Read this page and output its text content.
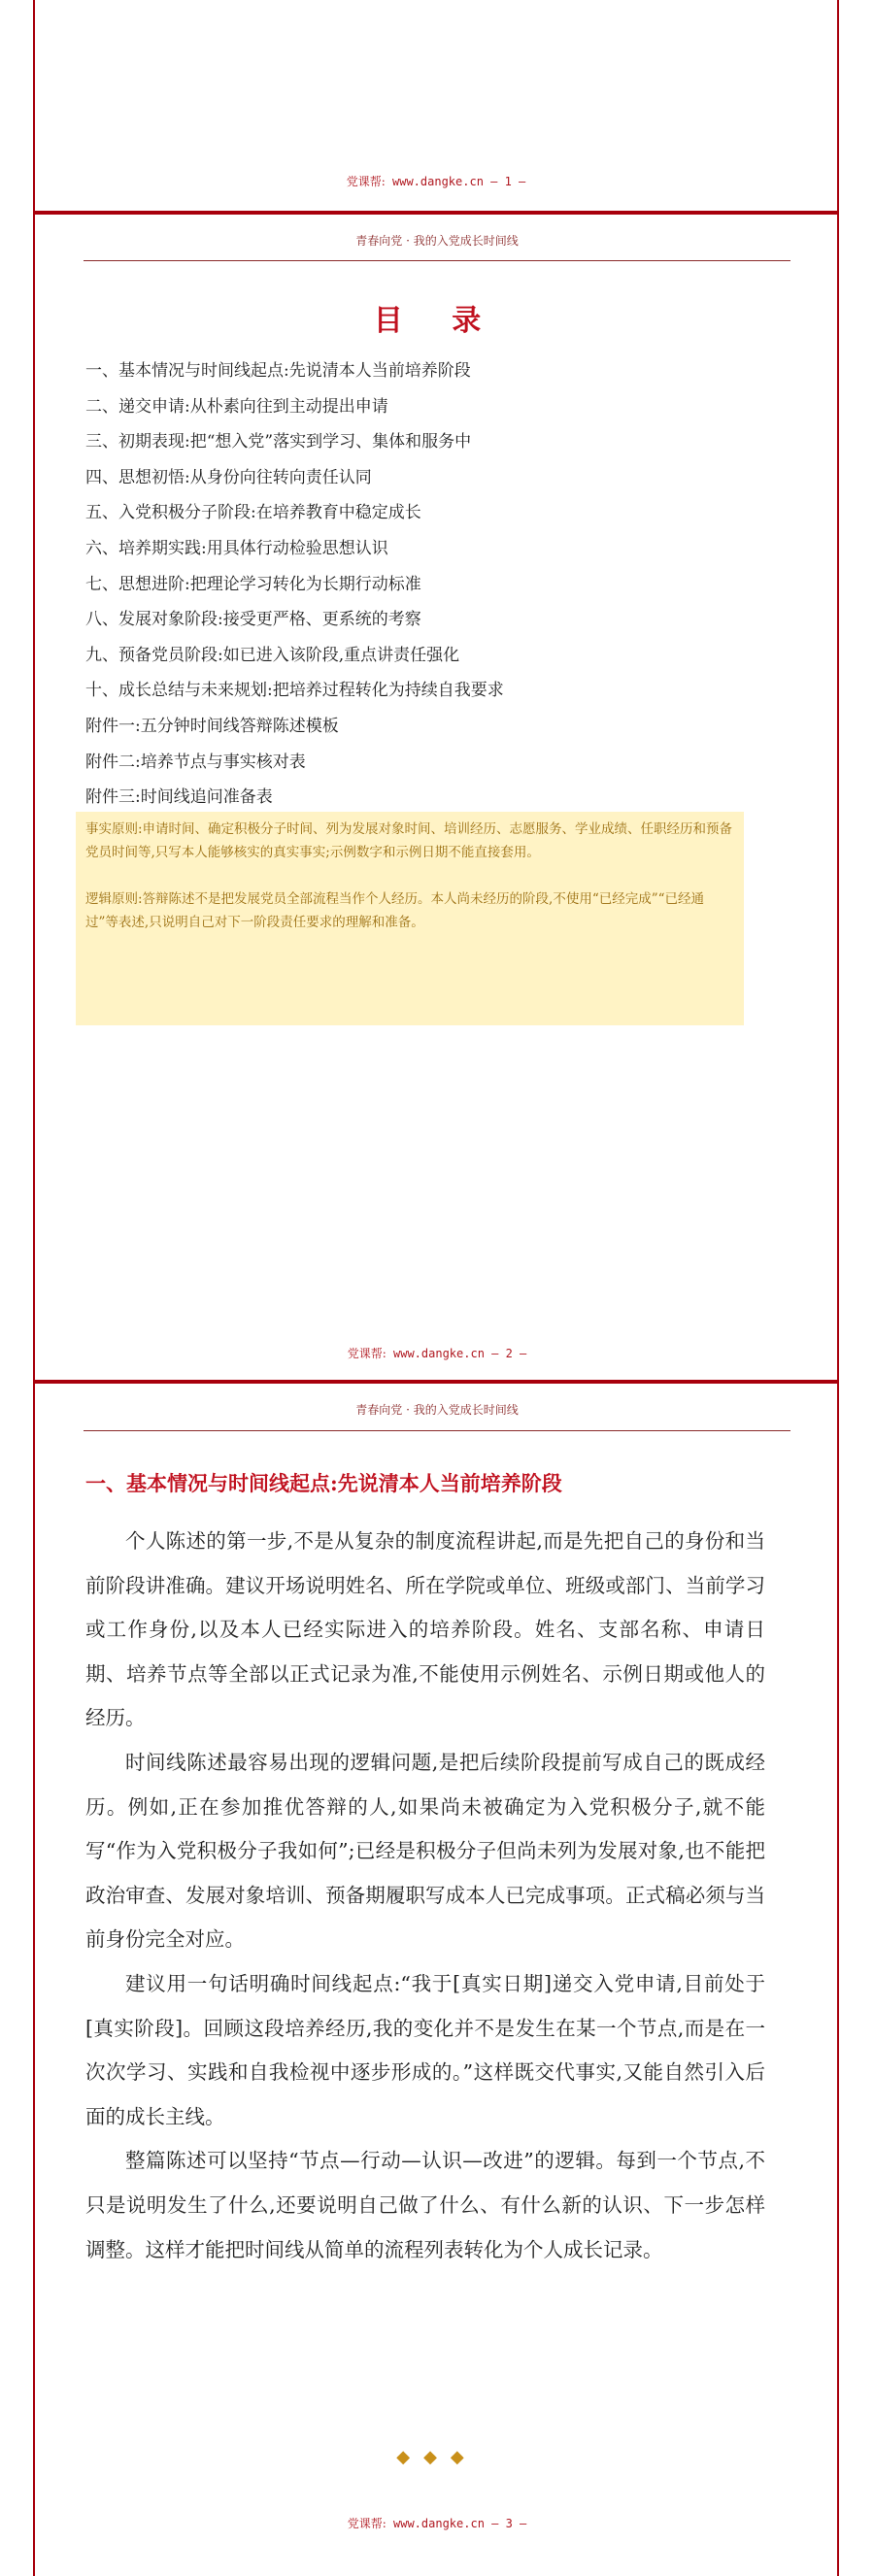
党课帮: www.dangke.cn — 1 —
青春向党 · 我的入党成长时间线
目 录
一、基本情况与时间线起点:先说清本人当前培养阶段
二、递交申请:从朴素向往到主动提出申请
三、初期表现:把“想入党”落实到学习、集体和服务中
四、思想初悟:从身份向往转向责任认同
五、入党积极分子阶段:在培养教育中稳定成长
六、培养期实践:用具体行动检验思想认识
七、思想进阶:把理论学习转化为长期行动标准
八、发展对象阶段:接受更严格、更系统的考察
九、预备党员阶段:如已进入该阶段,重点讲责任强化
十、成长总结与未来规划:把培养过程转化为持续自我要求
附件一:五分钟时间线答辩陈述模板
附件二:培养节点与事实核对表
附件三:时间线追问准备表

事实原则:申请时间、确定积极分子时间、列为发展对象时间、培训经历、志愿服务、学业成绩、任职经历和预备党员时间等,只写本人能够核实的真实事实;示例数字和示例日期不能直接套用。

逻辑原则:答辩陈述不是把发展党员全部流程当作个人经历。本人尚未经历的阶段,不使用“已经完成”“已经通过”等表述,只说明自己对下一阶段责任要求的理解和准备。

党课帮: www.dangke.cn — 2 —
青春向党 · 我的入党成长时间线
一、基本情况与时间线起点:先说清本人当前培养阶段

个人陈述的第一步,不是从复杂的制度流程讲起,而是先把自己的身份和当前阶段讲准确。建议开场说明姓名、所在学院或单位、班级或部门、当前学习或工作身份,以及本人已经实际进入的培养阶段。姓名、支部名称、申请日期、培养节点等全部以正式记录为准,不能使用示例姓名、示例日期或他人的经历。

时间线陈述最容易出现的逻辑问题,是把后续阶段提前写成自己的既成经历。例如,正在参加推优答辩的人,如果尚未被确定为入党积极分子,就不能写“作为入党积极分子我如何”;已经是积极分子但尚未列为发展对象,也不能把政治审查、发展对象培训、预备期履职写成本人已完成事项。正式稿必须与当前身份完全对应。

建议用一句话明确时间线起点:“我于[真实日期]递交入党申请,目前处于[真实阶段]。回顾这段培养经历,我的变化并不是发生在某一个节点,而是在一次次学习、实践和自我检视中逐步形成的。”这样既交代事实,又能自然引入后面的成长主线。

整篇陈述可以坚持“节点—行动—认识—改进”的逻辑。每到一个节点,不只是说明发生了什么,还要说明自己做了什么、有什么新的认识、下一步怎样调整。这样才能把时间线从简单的流程列表转化为个人成长记录。

◆◆◆
党课帮: www.dangke.cn — 3 —
